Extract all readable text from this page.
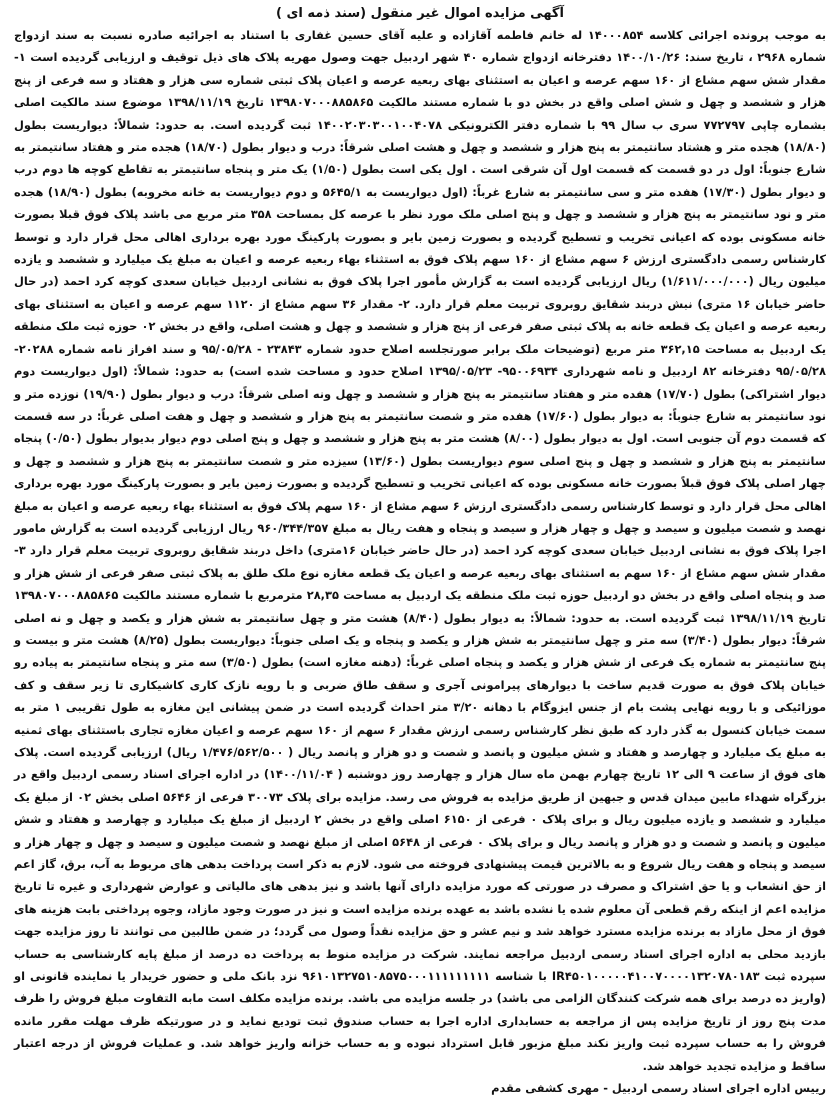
آگهی مزایده اموال غیر منقول (سند ذمه ای )

به موجب پرونده اجرائی کلاسه ۱۴۰۰۰۸۵۴ له خانم فاطمه آقازاده و علیه آقای حسین غفاری با استناد به اجرائیه صادره نسبت به سند ازدواج شماره ۲۹۶۸ ، تاریخ سند: ۱۴۰۰/۱۰/۲۶ دفترخانه ازدواج شماره ۴۰ شهر اردبیل جهت وصول مهریه پلاک های ذیل توقیف و ارزیابی گردیده است ۱- مقدار شش سهم مشاع از ۱۶۰ سهم عرصه و اعیان به استثنای بهای ربعیه عرصه و اعیان پلاک ثبتی شماره سی هزار و هفتاد و سه فرعی از پنج هزار و ششصد و چهل و شش اصلی واقع در بخش دو با شماره مستند مالکیت ۱۳۹۸۰۷۰۰۰۸۸۵۸۶۵ تاریخ ۱۳۹۸/۱۱/۱۹ موضوع سند مالکیت اصلی بشماره چاپی ۷۷۲۷۹۷ سری ب سال ۹۹ با شماره دفتر الکترونیکی ۱۴۰۰۲۰۳۰۳۰۰۱۰۰۴۰۷۸ ثبت گردیده است. به حدود: شمالاً: دیواریست بطول (۱۸/۸۰) هجده متر و هشتاد سانتیمتر به پنج هزار و ششصد و چهل و هشت اصلی شرقاً: درب و دیوار بطول (۱۸/۷۰) هجده متر و هفتاد سانتیمتر به شارع جنوباً: اول در دو قسمت که قسمت اول آن شرقی است . اول یکی است بطول (۱/۵۰) یک متر و پنجاه سانتیمتر به تقاطع کوچه ها دوم درب و دیوار بطول (۱۷/۳۰) هفده متر و سی سانتیمتر به شارع غرباً: (اول دیواریست به ۵۶۴۵/۱ و دوم دیواریست به خانه مخروبه) بطول (۱۸/۹۰) هجده متر و نود سانتیمتر به پنج هزار و ششصد و چهل و پنج اصلی ملک مورد نظر با عرصه کل بمساحت ۳۵۸ متر مربع می باشد پلاک فوق قبلا بصورت خانه مسکونی بوده که اعیانی تخریب و تسطیح گردیده و بصورت زمین بایر و بصورت پارکینگ مورد بهره برداری اهالی محل قرار دارد و توسط کارشناس رسمی دادگستری ارزش ۶ سهم مشاع از ۱۶۰ سهم پلاک فوق به استثناء بهاء ربعیه عرصه و اعیان به مبلغ یک میلیارد و ششصد و یازده میلیون ریال (۱/۶۱۱/۰۰۰/۰۰۰) ریال ارزیابی گردیده است به گزارش مأمور اجرا پلاک فوق به نشانی اردبیل خیابان سعدی کوچه کرد احمد (در حال حاضر خیابان ۱۶ متری) نبش دربند شقایق روبروی تربیت معلم قرار دارد. ۲- مقدار ۳۶ سهم مشاع از ۱۱۲۰ سهم عرصه و اعیان به استثنای بهای ربعیه عرصه و اعیان یک قطعه خانه به پلاک ثبتی صفر فرعی از پنج هزار و ششصد و چهل و هشت اصلی، واقع در بخش ۰۲ حوزه ثبت ملک منطقه یک اردبیل به مساحت ۳۶۲,۱۵ متر مربع (توضیحات ملک برابر صورتجلسه اصلاح حدود شماره ۲۳۸۴۳ - ۹۵/۰۵/۲۸ و سند افراز نامه شماره ۲۰۲۸۸- ۹۵/۰۵/۲۸ دفترخانه ۸۲ اردبیل و نامه شهرداری ۹۵۰۰۶۹۳۴- ۱۳۹۵/۰۵/۲۳ اصلاح حدود و مساحت شده است) به حدود: شمالاً: (اول دیواریست دوم دیوار اشتراکی) بطول (۱۷/۷۰) هفده متر و هفتاد سانتیمتر به پنج هزار و ششصد و چهل ونه اصلی شرقاً: درب و دیوار بطول (۱۹/۹۰) نوزده متر و نود سانتیمتر به شارع جنوباً: به دیوار بطول (۱۷/۶۰) هفده متر و شصت سانتیمتر به پنج هزار و ششصد و چهل و هفت اصلی غرباً: در سه قسمت که قسمت دوم آن جنوبی است. اول به دیوار بطول (۸/۰۰) هشت متر به پنج هزار و ششصد و چهل و پنج اصلی دوم دیوار بدیوار بطول (۰/۵۰) پنجاه سانتیمتر به پنج هزار و ششصد و چهل و پنج اصلی سوم دیواریست بطول (۱۳/۶۰) سیزده متر و شصت سانتیمتر به پنج هزار و ششصد و چهل و چهار اصلی پلاک فوق قبلاً بصورت خانه مسکونی بوده که اعیانی تخریب و تسطیح گردیده و بصورت زمین بایر و بصورت پارکینگ مورد بهره برداری اهالی محل قرار دارد و توسط کارشناس رسمی دادگستری ارزش ۶ سهم مشاع از ۱۶۰ سهم پلاک فوق به استثناء بهاء ربعیه عرصه و اعیان به مبلغ نهصد و شصت میلیون و سیصد و چهل و چهار هزار و سیصد و پنجاه و هفت ریال به مبلغ ۹۶۰/۳۴۴/۳۵۷ ریال ارزیابی گردیده است به گزارش مامور اجرا پلاک فوق به نشانی اردبیل خیابان سعدی کوچه کرد احمد (در حال حاضر خیابان ۱۶متری) داخل دربند شقایق روبروی تربیت معلم قرار دارد ۳- مقدار شش سهم مشاع از ۱۶۰ سهم به استثنای بهای ربعیه عرصه و اعیان یک قطعه مغازه نوع ملک طلق به پلاک ثبتی صفر فرعی از شش هزار و صد و پنجاه اصلی واقع در بخش دو اردبیل حوزه ثبت ملک منطقه یک اردبیل به مساحت ۲۸,۳۵ مترمربع با شماره مستند مالکیت ۱۳۹۸۰۷۰۰۰۸۸۵۸۶۵ تاریخ ۱۳۹۸/۱۱/۱۹ ثبت گردیده است. به حدود: شمالاً: به دیوار بطول (۸/۴۰) هشت متر و چهل سانتیمتر به شش هزار و یکصد و چهل و نه اصلی شرقاً: دیوار بطول (۳/۴۰) سه متر و چهل سانتیمتر به شش هزار و یکصد و پنجاه و یک اصلی جنوباً: دیواریست بطول (۸/۲۵) هشت متر و بیست و پنج سانتیمتر به شماره یک فرعی از شش هزار و یکصد و پنجاه اصلی غرباً: (دهنه مغازه است) بطول (۳/۵۰) سه متر و پنجاه سانتیمتر به پیاده رو خیابان پلاک فوق به صورت قدیم ساخت با دیوارهای پیرامونی آجری و سقف طاق ضربی و با رویه نازک کاری کاشیکاری تا زیر سقف و کف موزائیکی و با رویه نهایی پشت بام از جنس ایزوگام با دهانه ۳/۲۰ متر احداث گردیده است در ضمن پیشانی این مغازه به طول تقریبی ۱ متر به سمت خیابان کنسول به گذر دارد که طبق نظر کارشناس رسمی ارزش مقدار ۶ سهم از ۱۶۰ سهم عرصه و اعیان مغازه تجاری باستثنای بهای ثمنیه به مبلغ یک میلیارد و چهارصد و هفتاد و شش میلیون و پانصد و شصت و دو هزار و پانصد ریال ( ۱/۴۷۶/۵۶۲/۵۰۰ ریال) ارزیابی گردیده است. پلاک های فوق از ساعت ۹ الی ۱۲ تاریخ چهارم بهمن ماه سال هزار و چهارصد روز دوشنبه ( ۱۴۰۰/۱۱/۰۴) در اداره اجرای اسناد رسمی اردبیل واقع در بزرگراه شهداء مابین میدان قدس و جبهین از طریق مزایده به فروش می رسد. مزایده برای پلاک ۳۰۰۷۳ فرعی از ۵۶۴۶ اصلی بخش ۰۲ از مبلغ یک میلیارد و ششصد و یازده میلیون ریال و برای پلاک ۰ فرعی از ۶۱۵۰ اصلی واقع در بخش ۲ اردبیل از مبلغ یک میلیارد و چهارصد و هفتاد و شش میلیون و پانصد و شصت و دو هزار و پانصد ریال و برای پلاک ۰ فرعی از ۵۶۴۸ اصلی از مبلغ نهصد و شصت میلیون و سیصد و چهل و چهار هزار و سیصد و پنجاه و هفت ریال شروع و به بالاترین قیمت پیشنهادی فروخته می شود. لازم به ذکر است پرداخت بدهی های مربوط به آب، برق، گاز اعم از حق انشعاب و یا حق اشتراک و مصرف در صورتی که مورد مزایده دارای آنها باشد و نیز بدهی های مالیاتی و عوارض شهرداری و غیره تا تاریخ مزایده اعم از اینکه رقم قطعی آن معلوم شده یا نشده باشد به عهده برنده مزایده است و نیز در صورت وجود مازاد، وجوه پرداختی بابت هزینه های فوق از محل مازاد به برنده مزایده مسترد خواهد شد و نیم عشر و حق مزایده نقداً وصول می گردد؛ در ضمن طالبین می توانند تا روز مزایده جهت بازدید محلی به اداره اجرای اسناد رسمی اردبیل مراجعه نمایند. شرکت در مزایده منوط به پرداخت ده درصد از مبلغ پایه کارشناسی به حساب سپرده ثبت IR۴۵۰۱۰۰۰۰۰۴۱۰۰۷۰۰۰۰۱۳۲۰۷۸۰۱۸۳ با شناسه ۹۶۱۰۱۳۲۷۵۱۰۸۵۷۵۰۰۰۱۱۱۱۱۱۱۱۱ نزد بانک ملی و حضور خریدار یا نماینده قانونی او (واریز ده درصد برای همه شرکت کنندگان الزامی می باشد) در جلسه مزایده می باشد. برنده مزایده مکلف است مابه التفاوت مبلغ فروش را ظرف مدت پنج روز از تاریخ مزایده پس از مراجعه به حسابداری اداره اجرا به حساب صندوق ثبت تودیع نماید و در صورتیکه ظرف مهلت مقرر مانده فروش را به حساب سپرده ثبت واریز نکند مبلغ مزبور قابل استرداد نبوده و به حساب خزانه واریز خواهد شد. و عملیات فروش از درجه اعتبار ساقط و مزایده تجدید خواهد شد.

رییس اداره اجرای اسناد رسمی اردبیل - مهری کشفی مقدم
